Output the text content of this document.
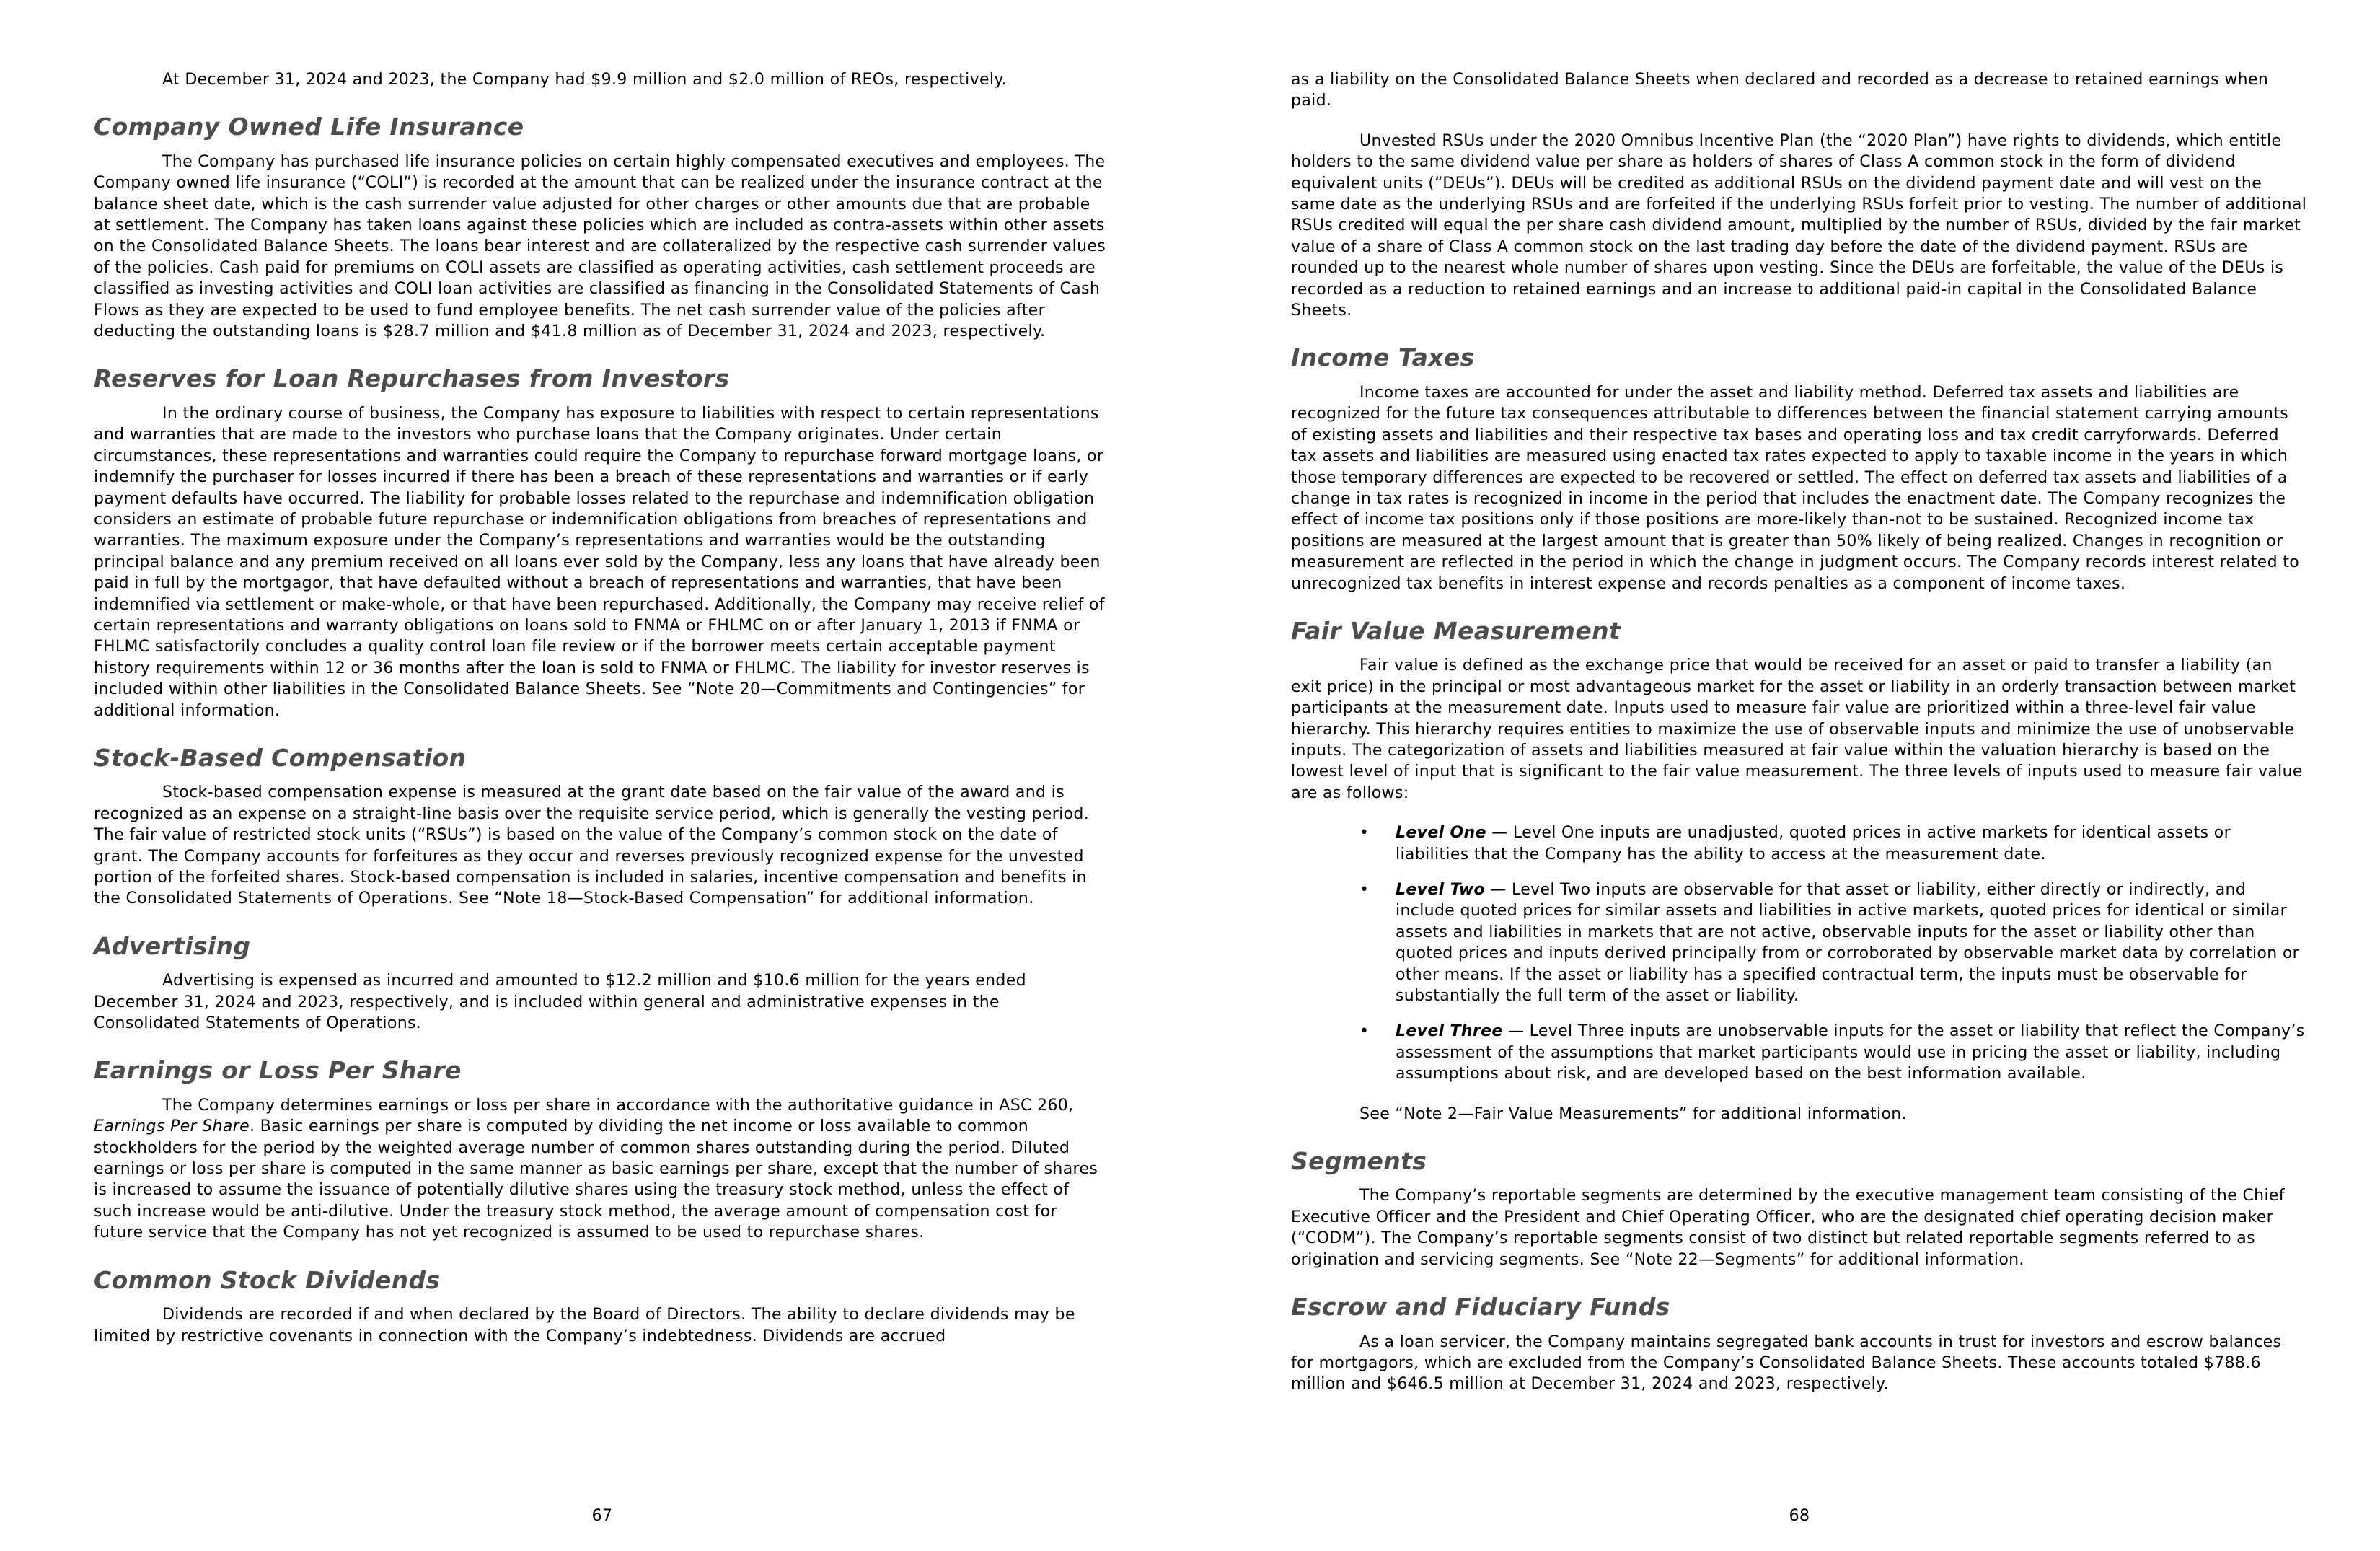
At December 31, 2024 and 2023, the Company had $9.9 million and $2.0 million of REOs, respectively.

Company Owned Life Insurance

The Company has purchased life insurance policies on certain highly compensated executives and employees. The Company owned life insurance (“COLI”) is recorded at the amount that can be realized under the insurance contract at the balance sheet date, which is the cash surrender value adjusted for other charges or other amounts due that are probable at settlement. The Company has taken loans against these policies which are included as contra-assets within other assets on the Consolidated Balance Sheets. The loans bear interest and are collateralized by the respective cash surrender values of the policies. Cash paid for premiums on COLI assets are classified as operating activities, cash settlement proceeds are classified as investing activities and COLI loan activities are classified as financing in the Consolidated Statements of Cash Flows as they are expected to be used to fund employee benefits. The net cash surrender value of the policies after deducting the outstanding loans is $28.7 million and $41.8 million as of December 31, 2024 and 2023, respectively.

Reserves for Loan Repurchases from Investors

In the ordinary course of business, the Company has exposure to liabilities with respect to certain representations and warranties that are made to the investors who purchase loans that the Company originates. Under certain circumstances, these representations and warranties could require the Company to repurchase forward mortgage loans, or indemnify the purchaser for losses incurred if there has been a breach of these representations and warranties or if early payment defaults have occurred. The liability for probable losses related to the repurchase and indemnification obligation considers an estimate of probable future repurchase or indemnification obligations from breaches of representations and warranties. The maximum exposure under the Company’s representations and warranties would be the outstanding principal balance and any premium received on all loans ever sold by the Company, less any loans that have already been paid in full by the mortgagor, that have defaulted without a breach of representations and warranties, that have been indemnified via settlement or make-whole, or that have been repurchased. Additionally, the Company may receive relief of certain representations and warranty obligations on loans sold to FNMA or FHLMC on or after January 1, 2013 if FNMA or FHLMC satisfactorily concludes a quality control loan file review or if the borrower meets certain acceptable payment history requirements within 12 or 36 months after the loan is sold to FNMA or FHLMC. The liability for investor reserves is included within other liabilities in the Consolidated Balance Sheets. See “Note 20—Commitments and Contingencies” for additional information.

Stock-Based Compensation

Stock-based compensation expense is measured at the grant date based on the fair value of the award and is recognized as an expense on a straight-line basis over the requisite service period, which is generally the vesting period. The fair value of restricted stock units (“RSUs”) is based on the value of the Company’s common stock on the date of grant. The Company accounts for forfeitures as they occur and reverses previously recognized expense for the unvested portion of the forfeited shares. Stock-based compensation is included in salaries, incentive compensation and benefits in the Consolidated Statements of Operations. See “Note 18—Stock-Based Compensation” for additional information.

Advertising

Advertising is expensed as incurred and amounted to $12.2 million and $10.6 million for the years ended December 31, 2024 and 2023, respectively, and is included within general and administrative expenses in the Consolidated Statements of Operations.

Earnings or Loss Per Share

The Company determines earnings or loss per share in accordance with the authoritative guidance in ASC 260, Earnings Per Share. Basic earnings per share is computed by dividing the net income or loss available to common stockholders for the period by the weighted average number of common shares outstanding during the period. Diluted earnings or loss per share is computed in the same manner as basic earnings per share, except that the number of shares is increased to assume the issuance of potentially dilutive shares using the treasury stock method, unless the effect of such increase would be anti-dilutive. Under the treasury stock method, the average amount of compensation cost for future service that the Company has not yet recognized is assumed to be used to repurchase shares.

Common Stock Dividends

Dividends are recorded if and when declared by the Board of Directors. The ability to declare dividends may be limited by restrictive covenants in connection with the Company’s indebtedness. Dividends are accrued

67

as a liability on the Consolidated Balance Sheets when declared and recorded as a decrease to retained earnings when paid.

Unvested RSUs under the 2020 Omnibus Incentive Plan (the “2020 Plan”) have rights to dividends, which entitle holders to the same dividend value per share as holders of shares of Class A common stock in the form of dividend equivalent units (“DEUs”). DEUs will be credited as additional RSUs on the dividend payment date and will vest on the same date as the underlying RSUs and are forfeited if the underlying RSUs forfeit prior to vesting. The number of additional RSUs credited will equal the per share cash dividend amount, multiplied by the number of RSUs, divided by the fair market value of a share of Class A common stock on the last trading day before the date of the dividend payment. RSUs are rounded up to the nearest whole number of shares upon vesting. Since the DEUs are forfeitable, the value of the DEUs is recorded as a reduction to retained earnings and an increase to additional paid-in capital in the Consolidated Balance Sheets.

Income Taxes

Income taxes are accounted for under the asset and liability method. Deferred tax assets and liabilities are recognized for the future tax consequences attributable to differences between the financial statement carrying amounts of existing assets and liabilities and their respective tax bases and operating loss and tax credit carryforwards. Deferred tax assets and liabilities are measured using enacted tax rates expected to apply to taxable income in the years in which those temporary differences are expected to be recovered or settled. The effect on deferred tax assets and liabilities of a change in tax rates is recognized in income in the period that includes the enactment date. The Company recognizes the effect of income tax positions only if those positions are more-likely than-not to be sustained. Recognized income tax positions are measured at the largest amount that is greater than 50% likely of being realized. Changes in recognition or measurement are reflected in the period in which the change in judgment occurs. The Company records interest related to unrecognized tax benefits in interest expense and records penalties as a component of income taxes.

Fair Value Measurement

Fair value is defined as the exchange price that would be received for an asset or paid to transfer a liability (an exit price) in the principal or most advantageous market for the asset or liability in an orderly transaction between market participants at the measurement date. Inputs used to measure fair value are prioritized within a three-level fair value hierarchy. This hierarchy requires entities to maximize the use of observable inputs and minimize the use of unobservable inputs. The categorization of assets and liabilities measured at fair value within the valuation hierarchy is based on the lowest level of input that is significant to the fair value measurement. The three levels of inputs used to measure fair value are as follows:

• Level One — Level One inputs are unadjusted, quoted prices in active markets for identical assets or liabilities that the Company has the ability to access at the measurement date.
• Level Two — Level Two inputs are observable for that asset or liability, either directly or indirectly, and include quoted prices for similar assets and liabilities in active markets, quoted prices for identical or similar assets and liabilities in markets that are not active, observable inputs for the asset or liability other than quoted prices and inputs derived principally from or corroborated by observable market data by correlation or other means. If the asset or liability has a specified contractual term, the inputs must be observable for substantially the full term of the asset or liability.
• Level Three — Level Three inputs are unobservable inputs for the asset or liability that reflect the Company’s assessment of the assumptions that market participants would use in pricing the asset or liability, including assumptions about risk, and are developed based on the best information available.

See “Note 2—Fair Value Measurements” for additional information.

Segments

The Company’s reportable segments are determined by the executive management team consisting of the Chief Executive Officer and the President and Chief Operating Officer, who are the designated chief operating decision maker (“CODM”). The Company’s reportable segments consist of two distinct but related reportable segments referred to as origination and servicing segments. See “Note 22—Segments” for additional information.

Escrow and Fiduciary Funds

As a loan servicer, the Company maintains segregated bank accounts in trust for investors and escrow balances for mortgagors, which are excluded from the Company’s Consolidated Balance Sheets. These accounts totaled $788.6 million and $646.5 million at December 31, 2024 and 2023, respectively.

68
